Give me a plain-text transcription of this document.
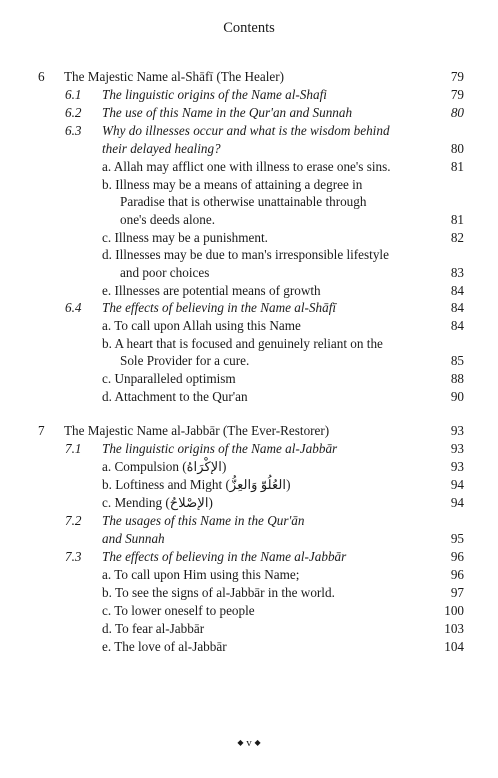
Contents
6 The Majestic Name al-Shāfī (The Healer)	79
6.1 The linguistic origins of the Name al-Shafi	79
6.2 The use of this Name in the Qur'an and Sunnah	80
6.3 Why do illnesses occur and what is the wisdom behind
their delayed healing?	80
a. Allah may afflict one with illness to erase one's sins.	81
b. Illness may be a means of attaining a degree in
Paradise that is otherwise unattainable through
one's deeds alone.	81
c. Illness may be a punishment.	82
d. Illnesses may be due to man's irresponsible lifestyle
and poor choices	83
e. Illnesses are potential means of growth	84
6.4 The effects of believing in the Name al-Shāfī	84
a. To call upon Allah using this Name	84
b. A heart that is focused and genuinely reliant on the
Sole Provider for a cure.	85
c. Unparalleled optimism	88
d. Attachment to the Qur'an	90
7 The Majestic Name al-Jabbār (The Ever-Restorer)	93
7.1 The linguistic origins of the Name al-Jabbār	93
a. Compulsion (الإكْرَاهُ)	93
b. Loftiness and Might (العُلُوّ وَالعِزُّ)	94
c. Mending (الإصْلاحُ)	94
7.2 The usages of this Name in the Qur'ān
and Sunnah	95
7.3 The effects of believing in the Name al-Jabbār	96
a. To call upon Him using this Name;	96
b. To see the signs of al-Jabbār in the world.	97
c. To lower oneself to people	100
d. To fear al-Jabbār	103
e. The love of al-Jabbār	104
◆ v ◆
